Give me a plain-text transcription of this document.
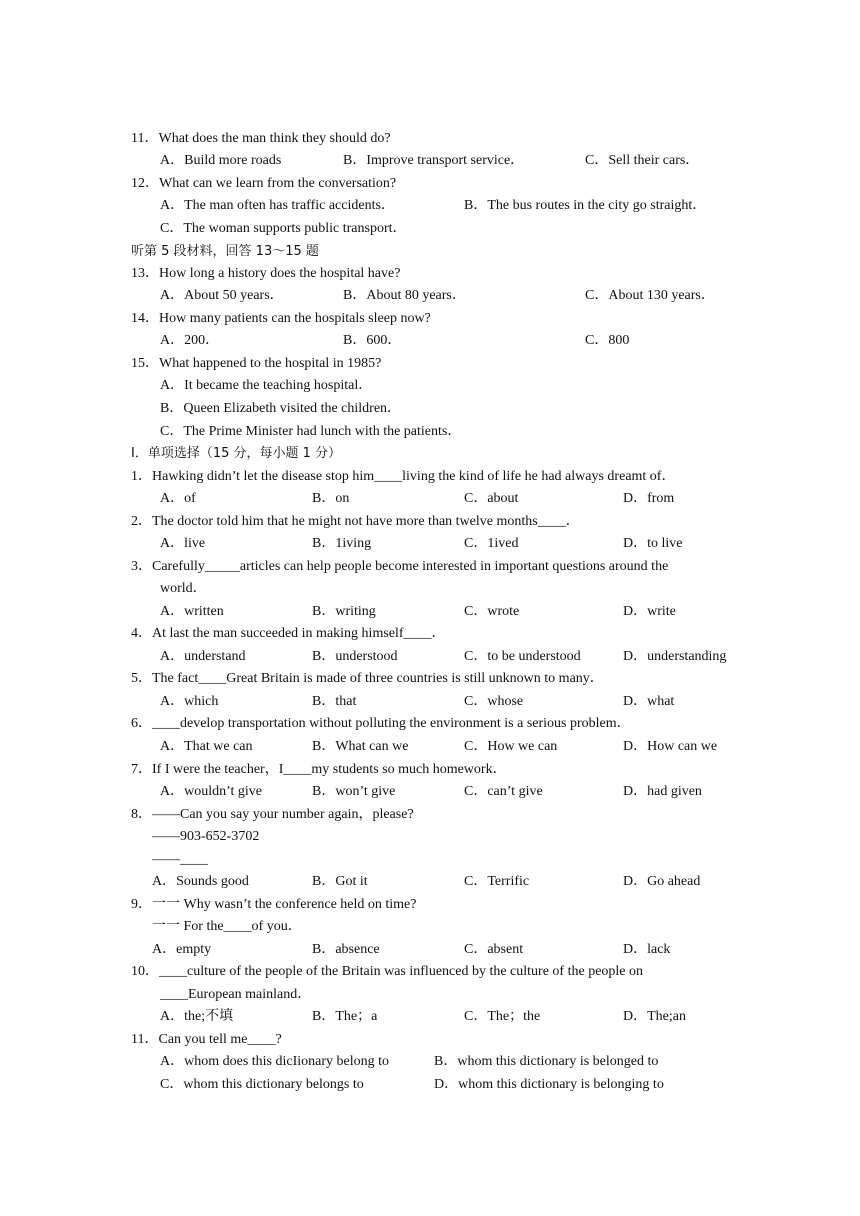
11．What does the man think they should do?
A．Build more roads	B．Improve transport service．	C．Sell their cars．
12．What can we learn from the conversation?
A．The man often has traffic accidents．	B．The bus routes in the city go straight．
C．The woman supports public transport．
听第 5 段材料，回答 13～15 题
13．How long a history does the hospital have?
A．About 50 years．	B．About 80 years．	C．About 130 years．
14．How many patients can the hospitals sleep now?
A．200．	B．600．	C．800
15．What happened to the hospital in 1985?
A．It became the teaching hospital．
B．Queen Elizabeth visited the children．
C．The Prime Minister had lunch with the patients．
I．单项选择（15 分，每小题 1 分）
1．Hawking didn’t let the disease stop him____living the kind of life he had always dreamt of．
A．of	B．on	C．about	D．from
2．The doctor told him that he might not have more than twelve months____．
A．live	B．1iving	C．1ived	D．to live
3．Carefully_____articles can help people become interested in important questions around the
world．
A．written	B．writing	C．wrote	D．write
4．At last the man succeeded in making himself____．
A．understand	B．understood	C．to be understood	D．understanding
5．The fact____Great Britain is made of three countries is still unknown to many．
A．which	B．that	C．whose	D．what
6．____develop transportation without polluting the environment is a serious problem．
A．That we can	B．What can we	C．How we can	D．How can we
7．If I were the teacher，I____my students so much homework．
A．wouldn’t give	B．won’t give	C．can’t give	D．had given
8．——Can you say your number again，please?
——903-652-3702
——____
A．Sounds good	B．Got it	C．Terrific	D．Go ahead
9．一一 Why wasn’t the conference held on time?
一一 For the____of you．
A．empty	B．absence	C．absent	D．lack
10．____culture of the people of the Britain was influenced by the culture of the people on
____European mainland．
A．the;不填	B．The；a	C．The；the	D．The;an
11．Can you tell me____?
A．whom does this dicIionary belong to	B．whom this dictionary is belonged to
C．whom this dictionary belongs to	D．whom this dictionary is belonging to
